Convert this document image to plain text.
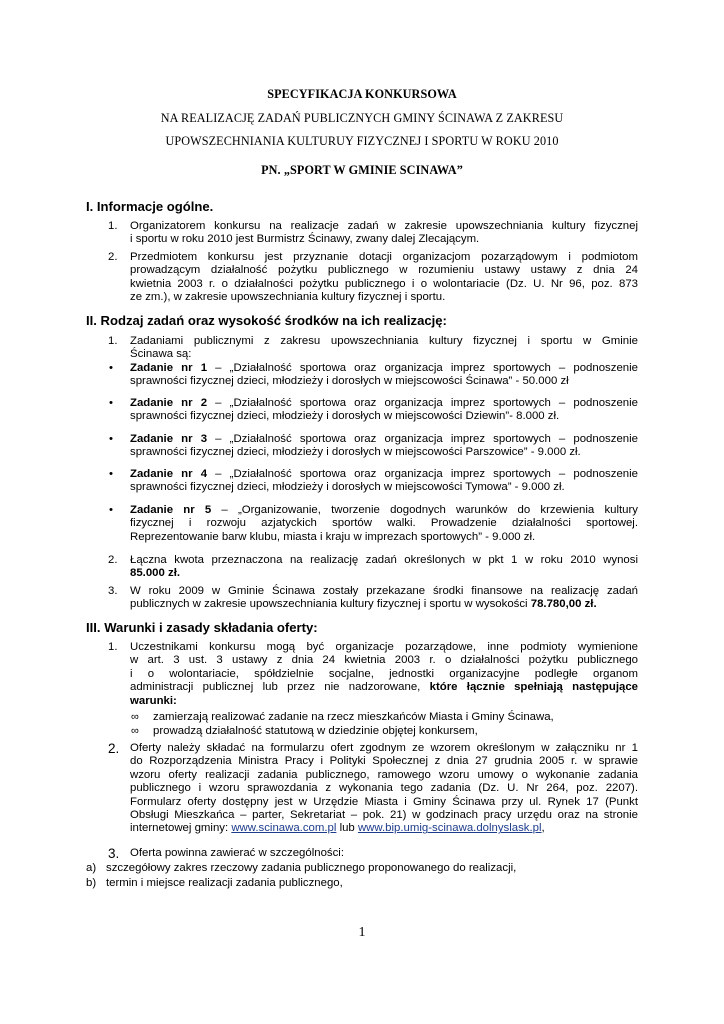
SPECYFIKACJA KONKURSOWA
NA REALIZACJĘ ZADAŃ PUBLICZNYCH GMINY ŚCINAWA Z ZAKRESU
UPOWSZECHNIANIA KULTURUY FIZYCZNEJ I SPORTU W ROKU 2010
PN. „SPORT W GMINIE SCINAWA”
I. Informacje ogólne.
1. Organizatorem konkursu na realizacje zadań w zakresie upowszechniania kultury fizycznej
i sportu w roku 2010 jest Burmistrz Ścinawy, zwany dalej Zlecającym.
2. Przedmiotem konkursu jest przyznanie dotacji organizacjom pozarządowym i podmiotom
prowadzącym działalność pożytku publicznego w rozumieniu ustawy ustawy z dnia 24
kwietnia 2003 r. o działalności pożytku publicznego i o wolontariacie (Dz. U. Nr 96, poz. 873
ze zm.), w zakresie upowszechniania kultury fizycznej i sportu.
II. Rodzaj zadań oraz wysokość środków na ich realizację:
1. Zadaniami publicznymi z zakresu upowszechniania kultury fizycznej i sportu w Gminie
Ścinawa są:
• Zadanie nr 1 – „Działalność sportowa oraz organizacja imprez sportowych – podnoszenie
sprawności fizycznej dzieci, młodzieży i dorosłych w miejscowości Ścinawa” - 50.000 zł
• Zadanie nr 2 – „Działalność sportowa oraz organizacja imprez sportowych – podnoszenie
sprawności fizycznej dzieci, młodzieży i dorosłych w miejscowości Dziewin”- 8.000 zł.
• Zadanie nr 3 – „Działalność sportowa oraz organizacja imprez sportowych – podnoszenie
sprawności fizycznej dzieci, młodzieży i dorosłych w miejscowości Parszowice” - 9.000 zł.
• Zadanie nr 4 – „Działalność sportowa oraz organizacja imprez sportowych – podnoszenie
sprawności fizycznej dzieci, młodzieży i dorosłych w miejscowości Tymowa” - 9.000 zł.
• Zadanie nr 5 – „Organizowanie, tworzenie dogodnych warunków do krzewienia kultury
fizycznej i rozwoju azjatyckich sportów walki. Prowadzenie działalności sportowej.
Reprezentowanie barw klubu, miasta i kraju w imprezach sportowych” - 9.000 zł.
2. Łączna kwota przeznaczona na realizację zadań określonych w pkt 1 w roku 2010 wynosi
85.000 zł.
3. W roku 2009 w Gminie Ścinawa zostały przekazane środki finansowe na realizację zadań
publicznych w zakresie upowszechniania kultury fizycznej i sportu w wysokości 78.780,00 zł.
III. Warunki i zasady składania oferty:
1. Uczestnikami konkursu mogą być organizacje pozarządowe, inne podmioty wymienione
w art. 3 ust. 3 ustawy z dnia 24 kwietnia 2003 r. o działalności pożytku publicznego
i o wolontariacie, spółdzielnie socjalne, jednostki organizacyjne podległe organom
administracji publicznej lub przez nie nadzorowane, które łącznie spełniają następujące
warunki:
∞ zamierzają realizować zadanie na rzecz mieszkańców Miasta i Gminy Ścinawa,
∞ prowadzą działalność statutową w dziedzinie objętej konkursem,
2. Oferty należy składać na formularzu ofert zgodnym ze wzorem określonym w załączniku nr 1
do Rozporządzenia Ministra Pracy i Polityki Społecznej z dnia 27 grudnia 2005 r. w sprawie
wzoru oferty realizacji zadania publicznego, ramowego wzoru umowy o wykonanie zadania
publicznego i wzoru sprawozdania z wykonania tego zadania (Dz. U. Nr 264, poz. 2207).
Formularz oferty dostępny jest w Urzędzie Miasta i Gminy Ścinawa przy ul. Rynek 17 (Punkt
Obsługi Mieszkańca – parter, Sekretariat – pok. 21) w godzinach pracy urzędu oraz na stronie
internetowej gminy: www.scinawa.com.pl lub www.bip.umig-scinawa.dolnyslask.pl,
3. Oferta powinna zawierać w szczególności:
a) szczegółowy zakres rzeczowy zadania publicznego proponowanego do realizacji,
b) termin i miejsce realizacji zadania publicznego,
1
